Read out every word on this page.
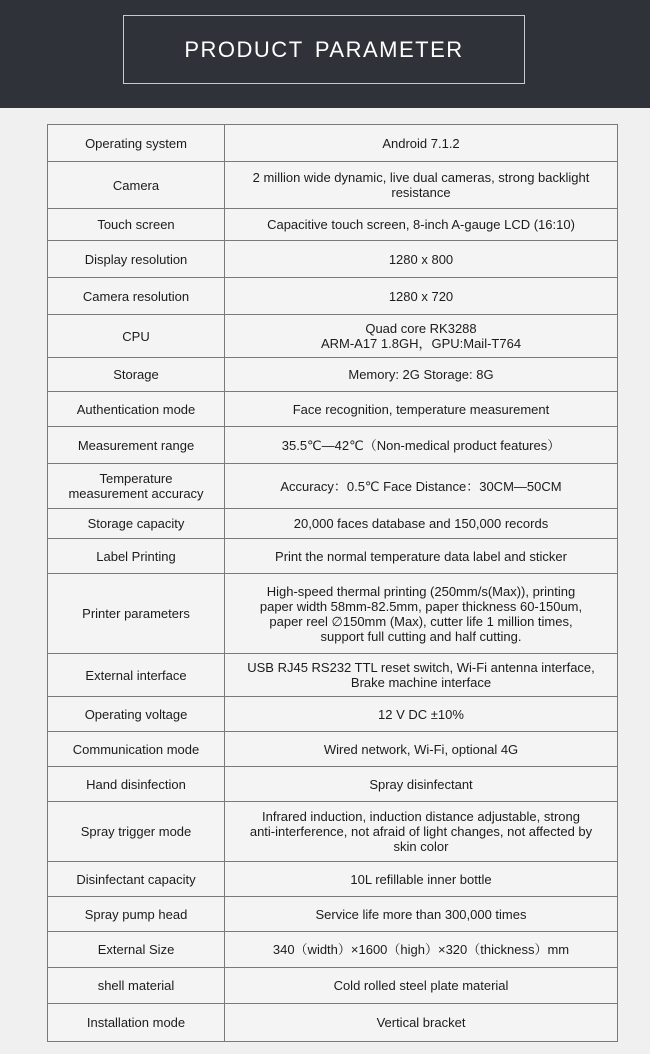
PRODUCT PARAMETER
Operating system	Android 7.1.2
Camera	2 million wide dynamic, live dual cameras, strong backlight
resistance
Touch screen	Capacitive touch screen, 8-inch A-gauge LCD (16:10)
Display resolution	1280 x 800
Camera resolution	1280 x 720
CPU	Quad core RK3288
ARM-A17 1.8GH，GPU:Mail-T764
Storage	Memory: 2G Storage: 8G
Authentication mode	Face recognition, temperature measurement
Measurement range	35.5℃—42℃（Non-medical product features）
Temperature
measurement accuracy	Accuracy：0.5℃ Face Distance：30CM—50CM
Storage capacity	20,000 faces database and 150,000 records
Label Printing	Print the normal temperature data label and sticker
Printer parameters	High-speed thermal printing (250mm/s(Max)), printing
paper width 58mm-82.5mm, paper thickness 60-150um,
paper reel ∅150mm (Max), cutter life 1 million times,
support full cutting and half cutting.
External interface	USB RJ45 RS232 TTL reset switch, Wi-Fi antenna interface,
Brake machine interface
Operating voltage	12 V DC ±10%
Communication mode	Wired network, Wi-Fi, optional 4G
Hand disinfection	Spray disinfectant
Spray trigger mode	Infrared induction, induction distance adjustable, strong
anti-interference, not afraid of light changes, not affected by
skin color
Disinfectant capacity	10L refillable inner bottle
Spray pump head	Service life more than 300,000 times
External Size	340（width）×1600（high）×320（thickness）mm
shell material	Cold rolled steel plate material
Installation mode	Vertical bracket
